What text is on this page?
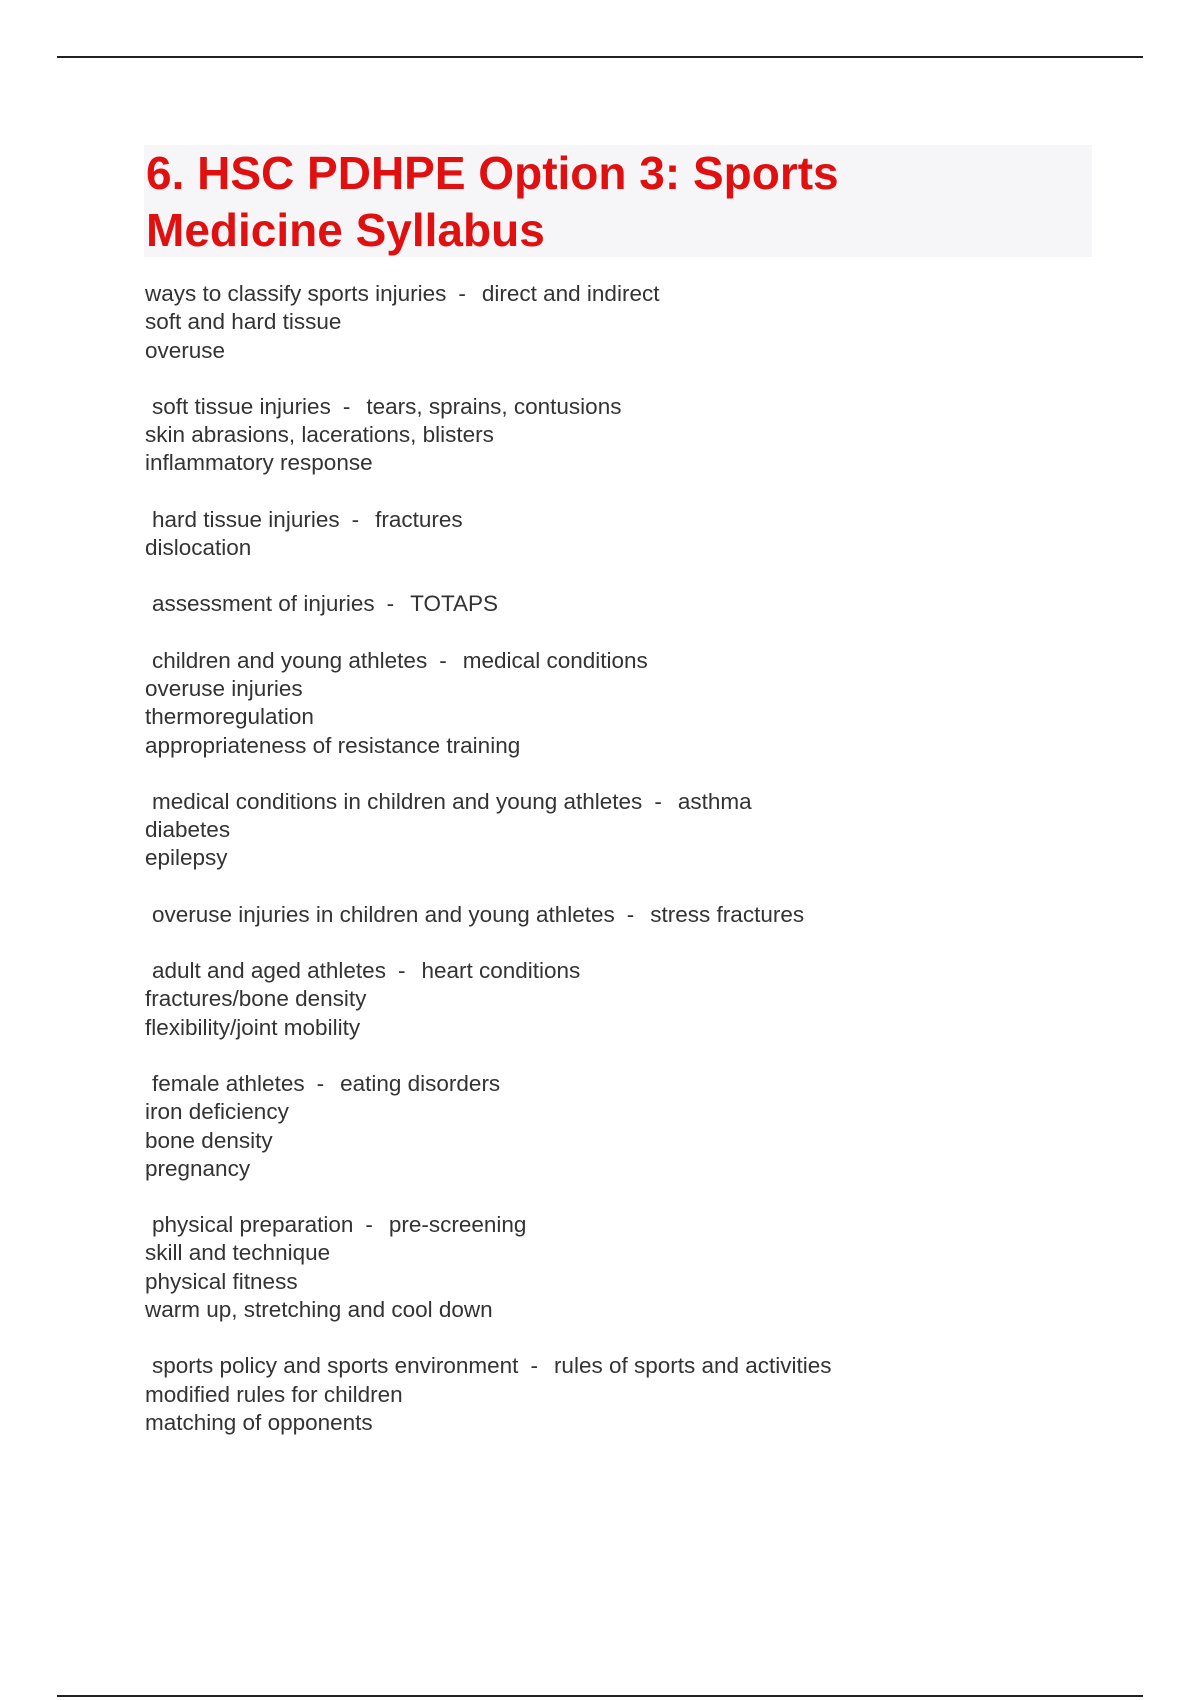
6. HSC PDHPE Option 3: Sports
Medicine Syllabus
ways to classify sports injuries - direct and indirect
soft and hard tissue
overuse
soft tissue injuries - tears, sprains, contusions
skin abrasions, lacerations, blisters
inflammatory response
hard tissue injuries - fractures
dislocation
assessment of injuries - TOTAPS
children and young athletes - medical conditions
overuse injuries
thermoregulation
appropriateness of resistance training
medical conditions in children and young athletes - asthma
diabetes
epilepsy
overuse injuries in children and young athletes - stress fractures
adult and aged athletes - heart conditions
fractures/bone density
flexibility/joint mobility
female athletes - eating disorders
iron deficiency
bone density
pregnancy
physical preparation - pre-screening
skill and technique
physical fitness
warm up, stretching and cool down
sports policy and sports environment - rules of sports and activities
modified rules for children
matching of opponents
